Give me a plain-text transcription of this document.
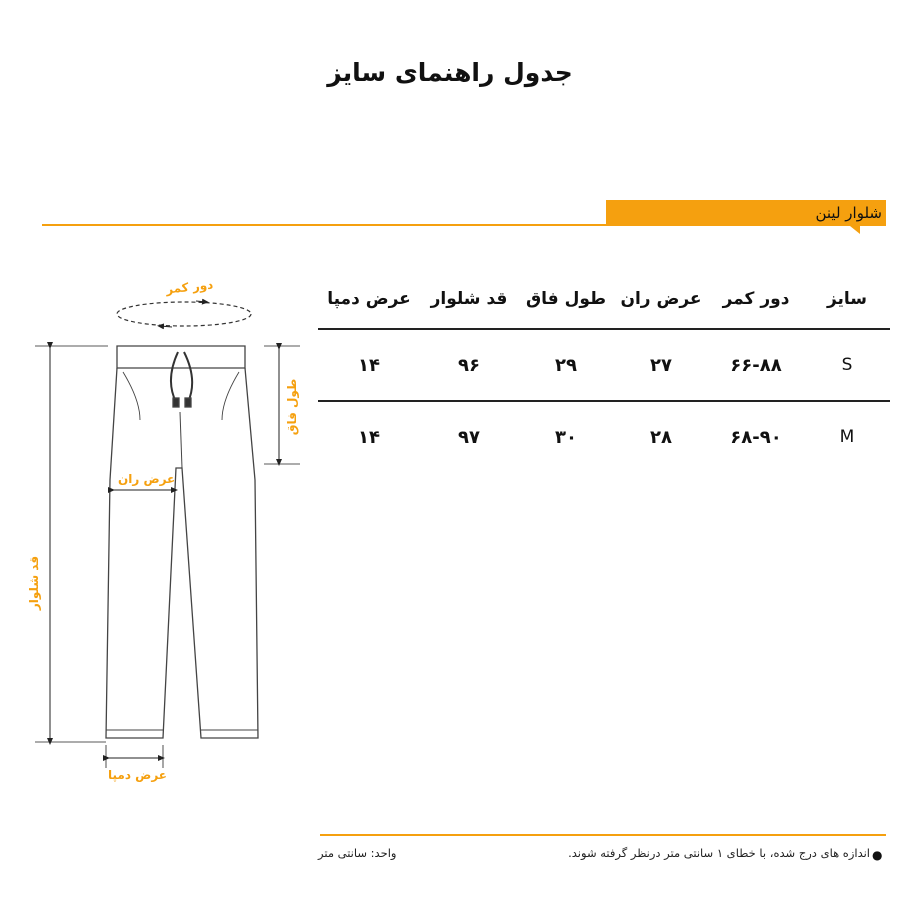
جدول راهنمای سایز
شلوار لینن
سایز
دور کمر
عرض ران
طول فاق
قد شلوار
عرض دمپا
S
۶۶-۸۸
۲۷
۲۹
۹۶
۱۴
M
۶۸-۹۰
۲۸
۳۰
۹۷
۱۴
دور کمر
عرض ران
عرض دمپا
طول فاق
قد شلوار
●
اندازه های درج شده، با خطای ۱ سانتی متر درنظر گرفته شوند.
واحد: سانتی متر
